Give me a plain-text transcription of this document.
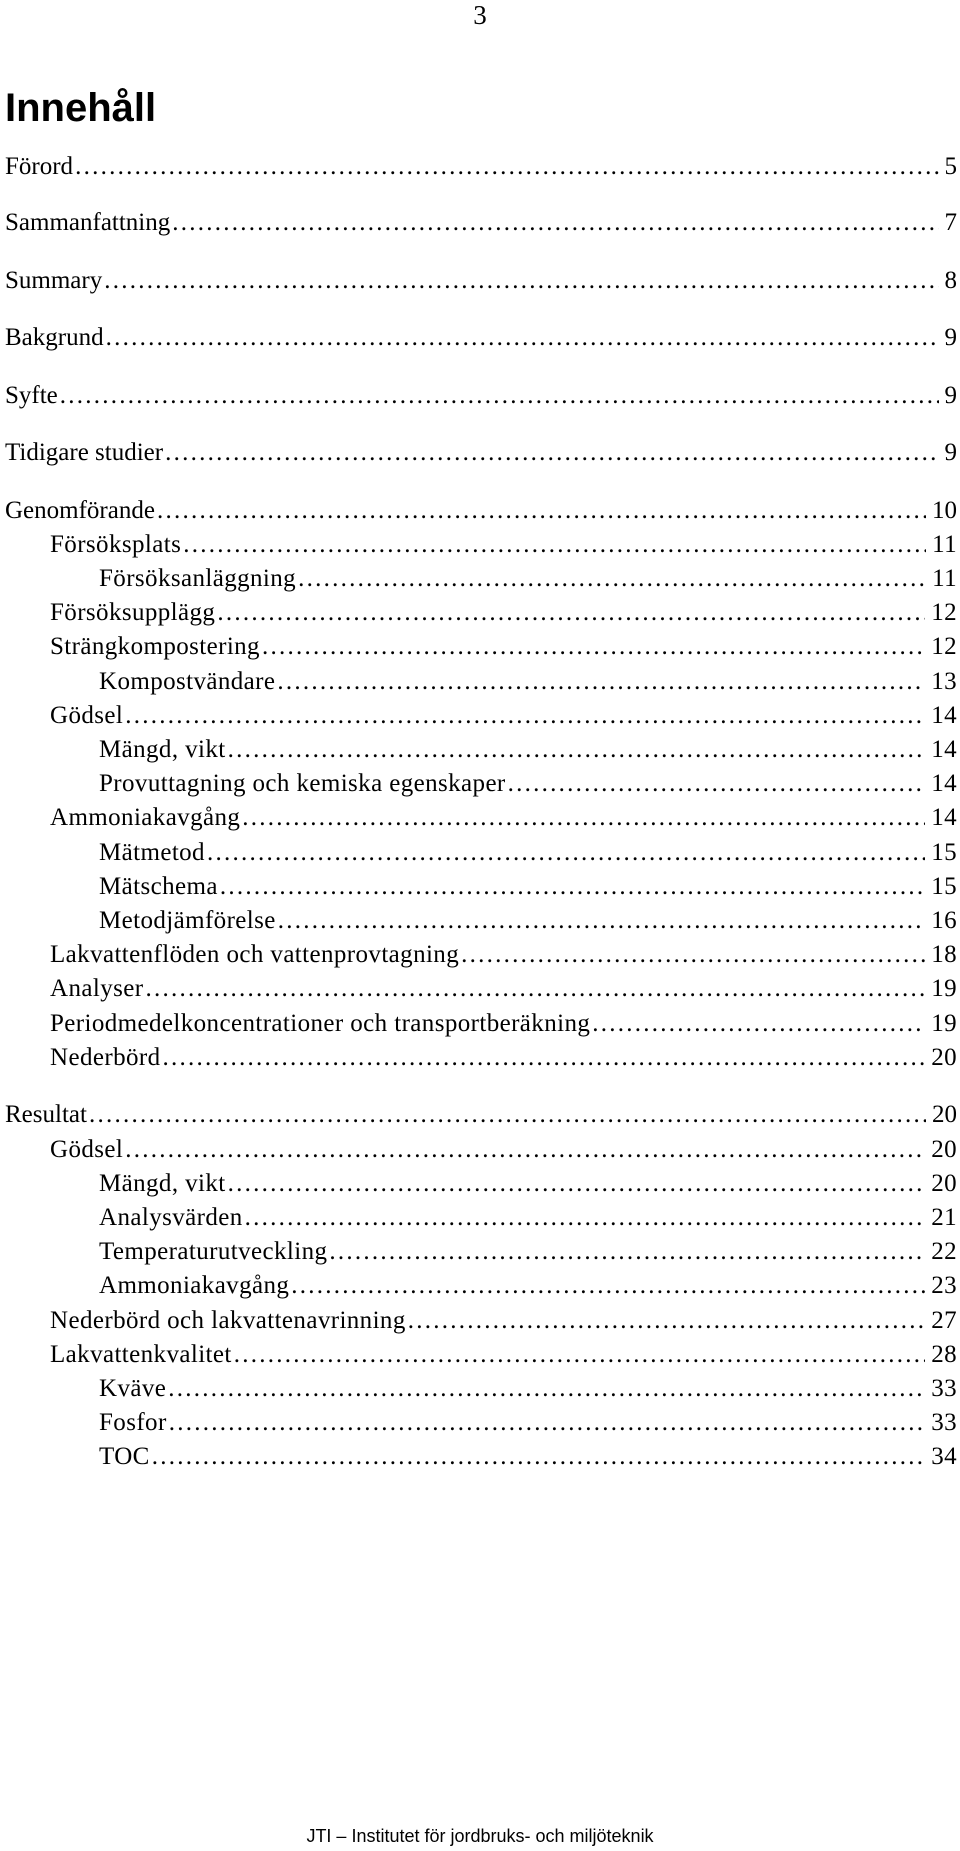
3
Innehåll
Förord . . .	5
Sammanfattning . . .	7
Summary . . .	8
Bakgrund . . .	9
Syfte . . .	9
Tidigare studier . . .	9
Genomförande . . .	10
Försöksplats . . .	11
Försöksanläggning . . .	11
Försöksupplägg . . .	12
Strängkompostering . . .	12
Kompostvändare . . .	13
Gödsel . . .	14
Mängd, vikt . . .	14
Provuttagning och kemiska egenskaper . . .	14
Ammoniakavgång . . .	14
Mätmetod . . .	15
Mätschema . . .	15
Metodjämförelse . . .	16
Lakvattenflöden och vattenprovtagning . . .	18
Analyser . . .	19
Periodmedelkoncentrationer och transportberäkning . . .	19
Nederbörd . . .	20
Resultat . . .	20
Gödsel . . .	20
Mängd, vikt . . .	20
Analysvärden . . .	21
Temperaturutveckling . . .	22
Ammoniakavgång . . .	23
Nederbörd och lakvattenavrinning . . .	27
Lakvattenkvalitet . . .	28
Kväve . . .	33
Fosfor . . .	33
TOC . . .	34
JTI – Institutet för jordbruks- och miljöteknik
